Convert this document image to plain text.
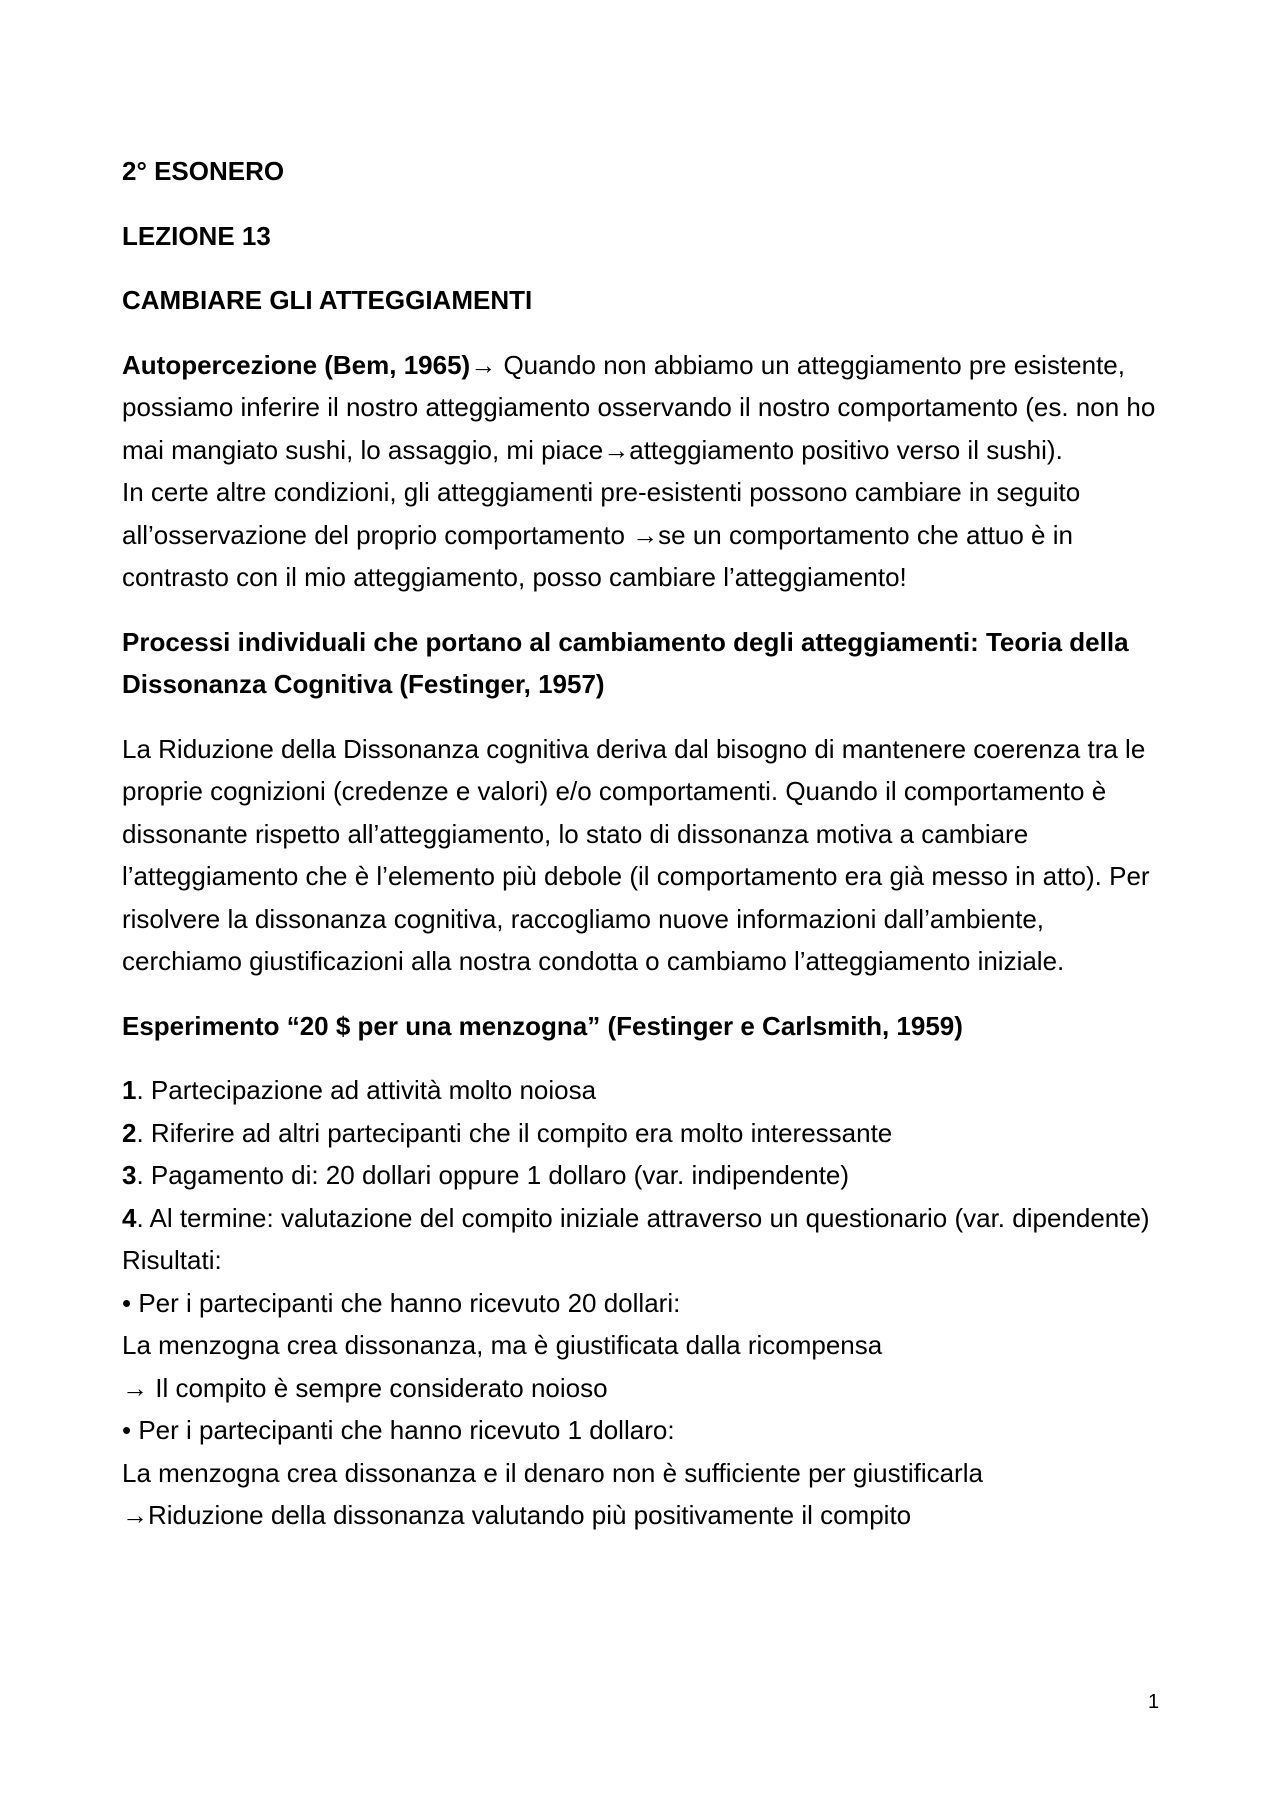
2° ESONERO

LEZIONE 13

CAMBIARE GLI ATTEGGIAMENTI

Autopercezione (Bem, 1965)→ Quando non abbiamo un atteggiamento pre esistente, possiamo inferire il nostro atteggiamento osservando il nostro comportamento (es. non ho mai mangiato sushi, lo assaggio, mi piace→atteggiamento positivo verso il sushi).

In certe altre condizioni, gli atteggiamenti pre-esistenti possono cambiare in seguito all’osservazione del proprio comportamento →se un comportamento che attuo è in contrasto con il mio atteggiamento, posso cambiare l’atteggiamento!

Processi individuali che portano al cambiamento degli atteggiamenti: Teoria della Dissonanza Cognitiva (Festinger, 1957)

La Riduzione della Dissonanza cognitiva deriva dal bisogno di mantenere coerenza tra le proprie cognizioni (credenze e valori) e/o comportamenti. Quando il comportamento è dissonante rispetto all’atteggiamento, lo stato di dissonanza motiva a cambiare l’atteggiamento che è l’elemento più debole (il comportamento era già messo in atto). Per risolvere la dissonanza cognitiva, raccogliamo nuove informazioni dall’ambiente, cerchiamo giustificazioni alla nostra condotta o cambiamo l’atteggiamento iniziale.

Esperimento “20 $ per una menzogna” (Festinger e Carlsmith, 1959)

1. Partecipazione ad attività molto noiosa
2. Riferire ad altri partecipanti che il compito era molto interessante
3. Pagamento di: 20 dollari oppure 1 dollaro (var. indipendente)
4. Al termine: valutazione del compito iniziale attraverso un questionario (var. dipendente)
Risultati:
• Per i partecipanti che hanno ricevuto 20 dollari:
La menzogna crea dissonanza, ma è giustificata dalla ricompensa
→ Il compito è sempre considerato noioso
• Per i partecipanti che hanno ricevuto 1 dollaro:
La menzogna crea dissonanza e il denaro non è sufficiente per giustificarla
→Riduzione della dissonanza valutando più positivamente il compito
1
